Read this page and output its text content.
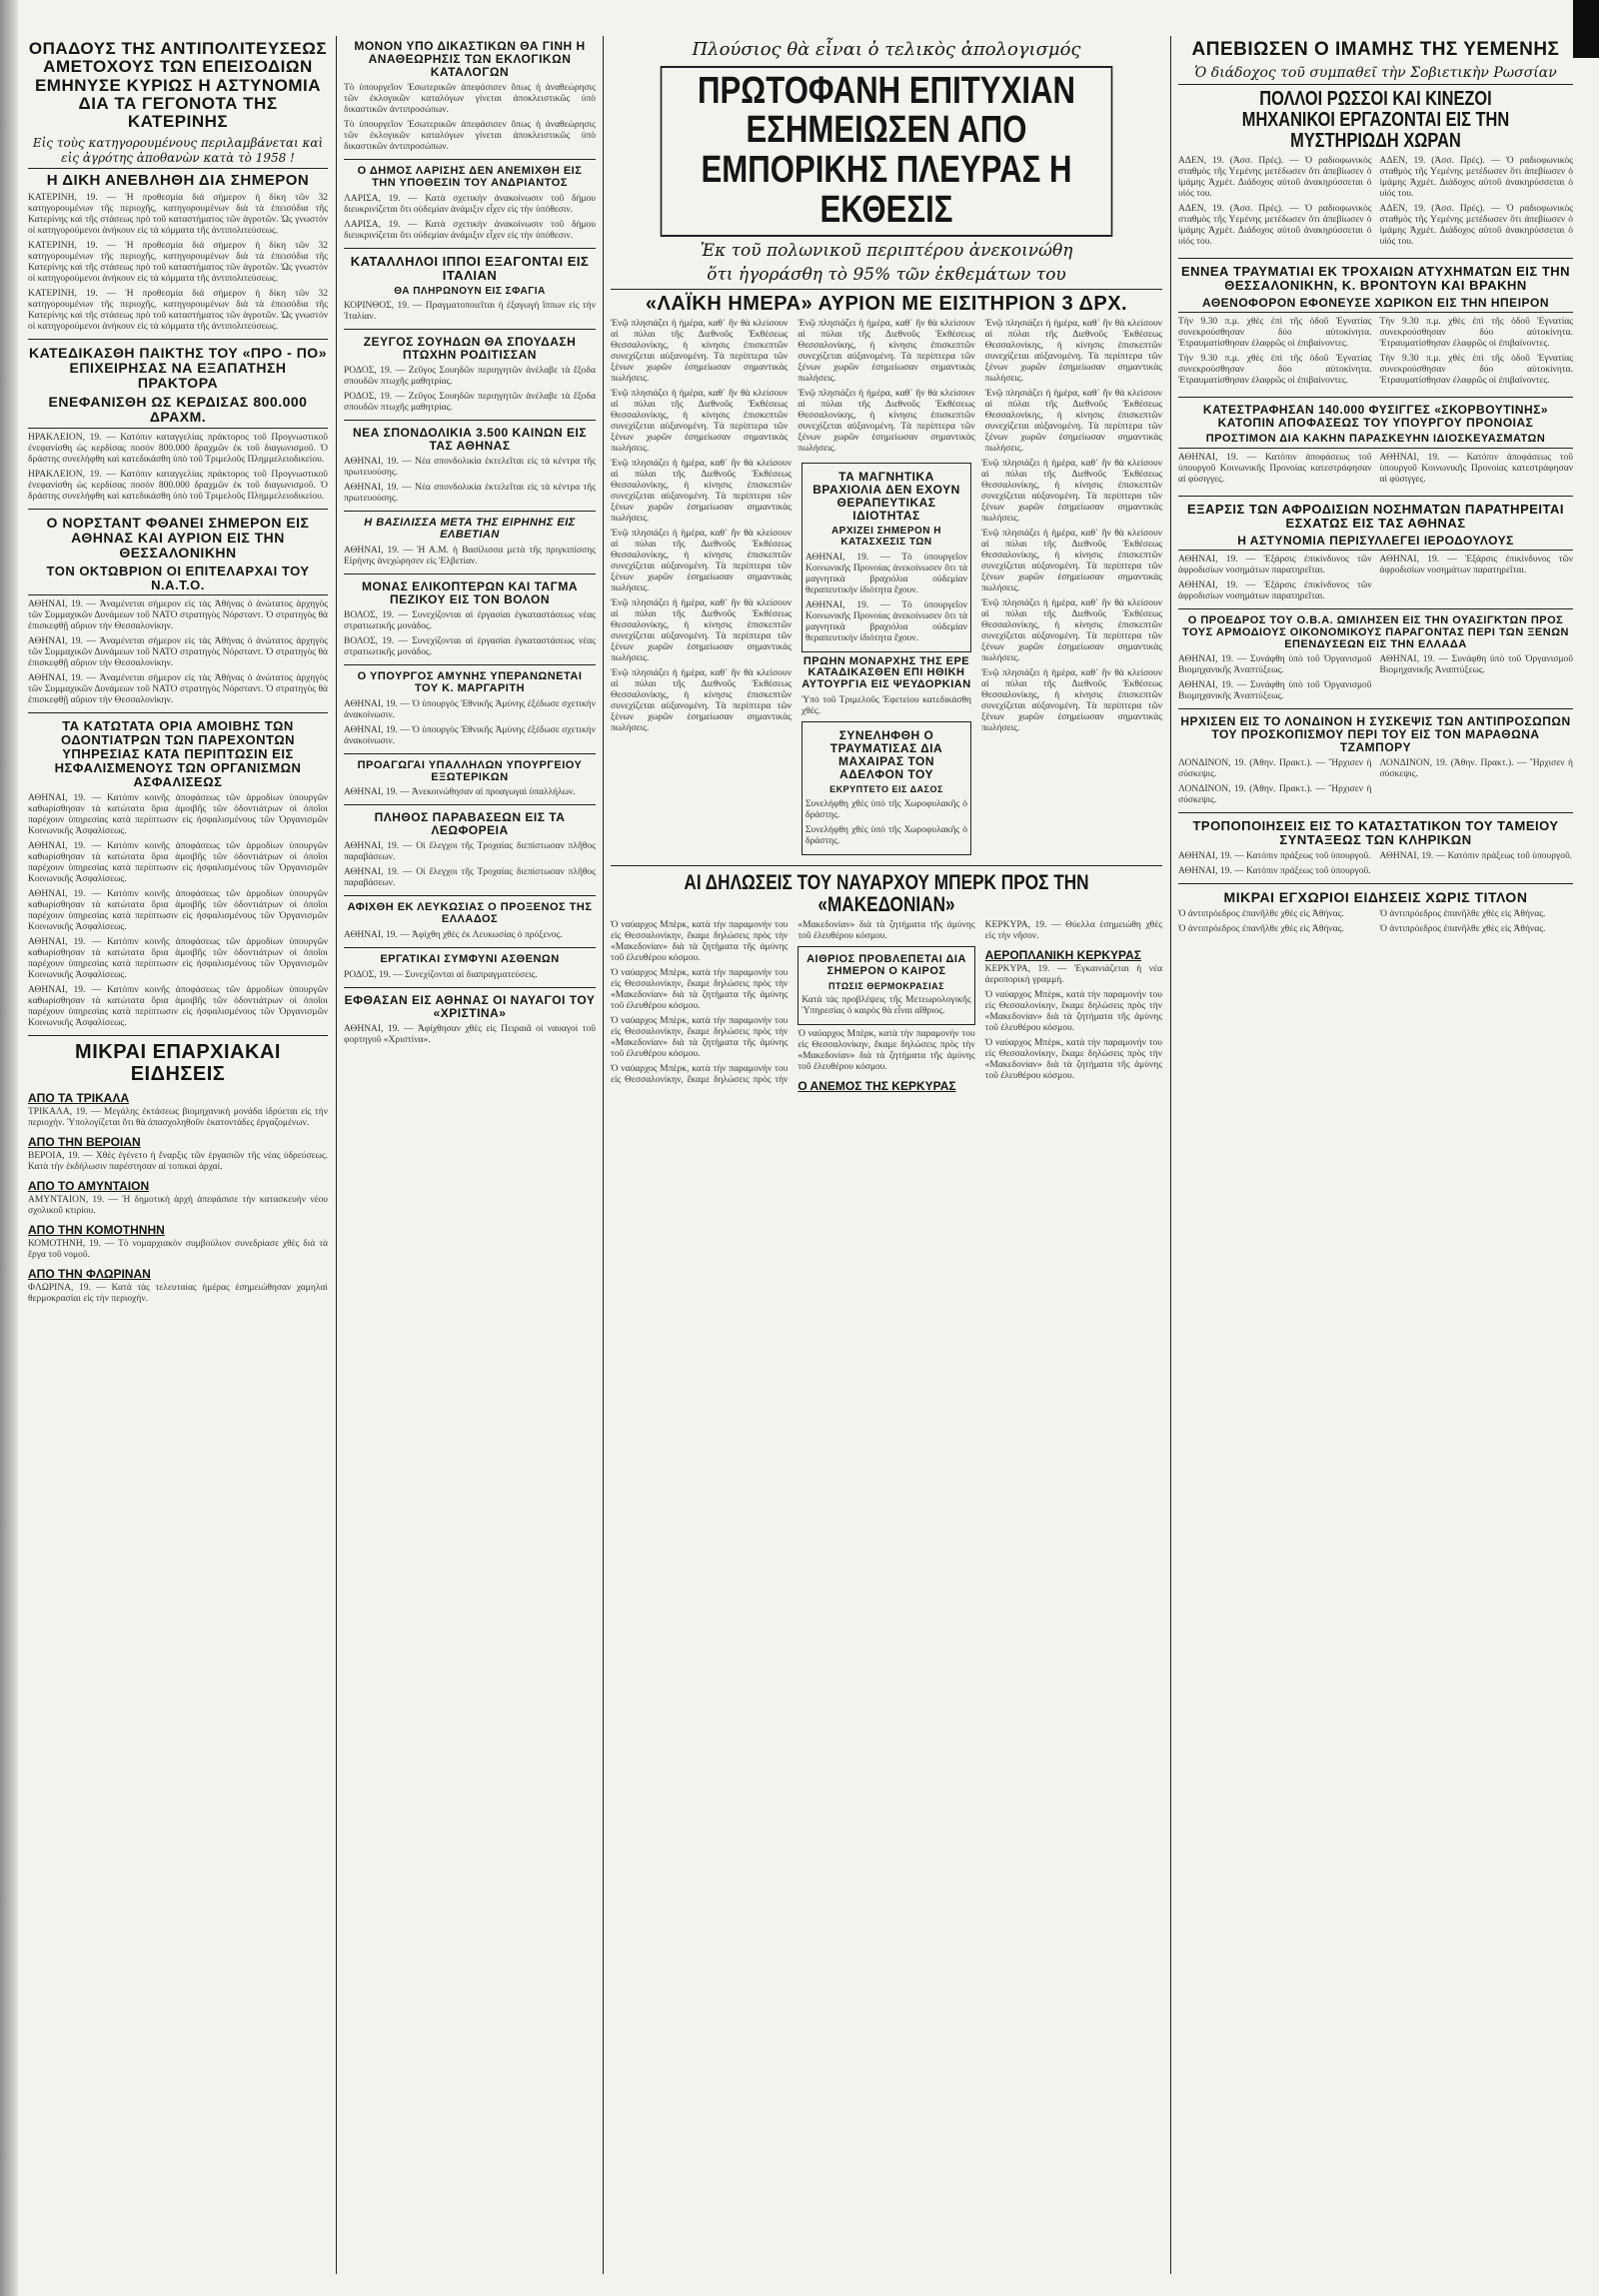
ΟΠΑΔΟΥΣ ΤΗΣ ΑΝΤΙΠΟΛΙΤΕΥΣΕΩΣ ΑΜΕΤΟΧΟΥΣ ΤΩΝ ΕΠΕΙΣΟΔΙΩΝ ΕΜΗΝΥΣΕ ΚΥΡΙΩΣ Η ΑΣΤΥΝΟΜΙΑ ΔΙΑ ΤΑ ΓΕΓΟΝΟΤΑ ΤΗΣ ΚΑΤΕΡΙΝΗΣ
Εἰς τοὺς κατηγορουμένους περιλαμβάνεται καὶ εἰς ἀγρότης ἀποθανὼν κατὰ τὸ 1958 !
Η ΔΙΚΗ ΑΝΕΒΛΗΘΗ ΔΙΑ ΣΗΜΕΡΟΝ

ΚΑΤΕΡΙΝΗ, 19. — Ἡ προθεσμία διά σήμερον ἡ δίκη τῶν 32 κατηγορουμένων τῆς περιοχῆς, κατηγορουμένων διὰ τὰ ἐπεισόδια τῆς Κατερίνης καὶ τῆς στάσεως πρὸ τοῦ καταστήματος τῶν ἀγροτῶν. Ὡς γνωστόν οἱ κατηγορούμενοι ἀνήκουν εἰς τὰ κόμματα τῆς ἀντιπολιτεύσεως.

ΚΑΤΕΡΙΝΗ, 19. — Ἡ προθεσμία διά σήμερον ἡ δίκη τῶν 32 κατηγορουμένων τῆς περιοχῆς, κατηγορουμένων διὰ τὰ ἐπεισόδια τῆς Κατερίνης καὶ τῆς στάσεως πρὸ τοῦ καταστήματος τῶν ἀγροτῶν. Ὡς γνωστόν οἱ κατηγορούμενοι ἀνήκουν εἰς τὰ κόμματα τῆς ἀντιπολιτεύσεως.

ΚΑΤΕΡΙΝΗ, 19. — Ἡ προθεσμία διά σήμερον ἡ δίκη τῶν 32 κατηγορουμένων τῆς περιοχῆς, κατηγορουμένων διὰ τὰ ἐπεισόδια τῆς Κατερίνης καὶ τῆς στάσεως πρὸ τοῦ καταστήματος τῶν ἀγροτῶν. Ὡς γνωστόν οἱ κατηγορούμενοι ἀνήκουν εἰς τὰ κόμματα τῆς ἀντιπολιτεύσεως.

ΚΑΤΕΔΙΚΑΣΘΗ ΠΑΙΚΤΗΣ ΤΟΥ «ΠΡΟ - ΠΟ» ΕΠΙΧΕΙΡΗΣΑΣ ΝΑ ΕΞΑΠΑΤΗΣΗ ΠΡΑΚΤΟΡΑ
ΕΝΕΦΑΝΙΣΘΗ ΩΣ ΚΕΡΔΙΣΑΣ 800.000 ΔΡΑΧΜ.

ΗΡΑΚΛΕΙΟΝ, 19. — Κατόπιν καταγγελίας πράκτορος τοῦ Προγνωστικοῦ ἐνεφανίσθη ὡς κερδίσας ποσόν 800.000 δραχμῶν ἐκ τοῦ διαγωνισμοῦ. Ὁ δράστης συνελήφθη καὶ κατεδικάσθη ὑπὸ τοῦ Τριμελοῦς Πλημμελειοδικείου.

ΗΡΑΚΛΕΙΟΝ, 19. — Κατόπιν καταγγελίας πράκτορος τοῦ Προγνωστικοῦ ἐνεφανίσθη ὡς κερδίσας ποσόν 800.000 δραχμῶν ἐκ τοῦ διαγωνισμοῦ. Ὁ δράστης συνελήφθη καὶ κατεδικάσθη ὑπὸ τοῦ Τριμελοῦς Πλημμελειοδικείου.

Ο ΝΟΡΣΤΑΝΤ ΦΘΑΝΕΙ ΣΗΜΕΡΟΝ ΕΙΣ ΑΘΗΝΑΣ ΚΑΙ ΑΥΡΙΟΝ ΕΙΣ ΤΗΝ ΘΕΣΣΑΛΟΝΙΚΗΝ
ΤΟΝ ΟΚΤΩΒΡΙΟΝ ΟΙ ΕΠΙΤΕΛΑΡΧΑΙ ΤΟΥ Ν.Α.Τ.Ο.

ΑΘΗΝΑΙ, 19. — Ἀναμένεται σήμερον εἰς τὰς Ἀθήνας ὁ ἀνώτατος ἀρχηγὸς τῶν Συμμαχικῶν Δυνάμεων τοῦ ΝΑΤΟ στρατηγὸς Νόρσταντ. Ὁ στρατηγὸς θὰ ἐπισκεφθῇ αὔριον τὴν Θεσσαλονίκην.

ΑΘΗΝΑΙ, 19. — Ἀναμένεται σήμερον εἰς τὰς Ἀθήνας ὁ ἀνώτατος ἀρχηγὸς τῶν Συμμαχικῶν Δυνάμεων τοῦ ΝΑΤΟ στρατηγὸς Νόρσταντ. Ὁ στρατηγὸς θὰ ἐπισκεφθῇ αὔριον τὴν Θεσσαλονίκην.

ΑΘΗΝΑΙ, 19. — Ἀναμένεται σήμερον εἰς τὰς Ἀθήνας ὁ ἀνώτατος ἀρχηγὸς τῶν Συμμαχικῶν Δυνάμεων τοῦ ΝΑΤΟ στρατηγὸς Νόρσταντ. Ὁ στρατηγὸς θὰ ἐπισκεφθῇ αὔριον τὴν Θεσσαλονίκην.

ΤΑ ΚΑΤΩΤΑΤΑ ΟΡΙΑ ΑΜΟΙΒΗΣ ΤΩΝ ΟΔΟΝΤΙΑΤΡΩΝ ΤΩΝ ΠΑΡΕΧΟΝΤΩΝ ΥΠΗΡΕΣΙΑΣ ΚΑΤΑ ΠΕΡΙΠΤΩΣΙΝ ΕΙΣ ΗΣΦΑΛΙΣΜΕΝΟΥΣ ΤΩΝ ΟΡΓΑΝΙΣΜΩΝ ΑΣΦΑΛΙΣΕΩΣ

ΑΘΗΝΑΙ, 19. — Κατόπιν κοινῆς ἀποφάσεως τῶν ἁρμοδίων ὑπουργῶν καθωρίσθησαν τὰ κατώτατα ὅρια ἀμοιβῆς τῶν ὀδοντιάτρων οἱ ὁποῖοι παρέχουν ὑπηρεσίας κατὰ περίπτωσιν εἰς ἠσφαλισμένους τῶν Ὀργανισμῶν Κοινωνικῆς Ἀσφαλίσεως.

ΑΘΗΝΑΙ, 19. — Κατόπιν κοινῆς ἀποφάσεως τῶν ἁρμοδίων ὑπουργῶν καθωρίσθησαν τὰ κατώτατα ὅρια ἀμοιβῆς τῶν ὀδοντιάτρων οἱ ὁποῖοι παρέχουν ὑπηρεσίας κατὰ περίπτωσιν εἰς ἠσφαλισμένους τῶν Ὀργανισμῶν Κοινωνικῆς Ἀσφαλίσεως.

ΑΘΗΝΑΙ, 19. — Κατόπιν κοινῆς ἀποφάσεως τῶν ἁρμοδίων ὑπουργῶν καθωρίσθησαν τὰ κατώτατα ὅρια ἀμοιβῆς τῶν ὀδοντιάτρων οἱ ὁποῖοι παρέχουν ὑπηρεσίας κατὰ περίπτωσιν εἰς ἠσφαλισμένους τῶν Ὀργανισμῶν Κοινωνικῆς Ἀσφαλίσεως.

ΑΘΗΝΑΙ, 19. — Κατόπιν κοινῆς ἀποφάσεως τῶν ἁρμοδίων ὑπουργῶν καθωρίσθησαν τὰ κατώτατα ὅρια ἀμοιβῆς τῶν ὀδοντιάτρων οἱ ὁποῖοι παρέχουν ὑπηρεσίας κατὰ περίπτωσιν εἰς ἠσφαλισμένους τῶν Ὀργανισμῶν Κοινωνικῆς Ἀσφαλίσεως.

ΑΘΗΝΑΙ, 19. — Κατόπιν κοινῆς ἀποφάσεως τῶν ἁρμοδίων ὑπουργῶν καθωρίσθησαν τὰ κατώτατα ὅρια ἀμοιβῆς τῶν ὀδοντιάτρων οἱ ὁποῖοι παρέχουν ὑπηρεσίας κατὰ περίπτωσιν εἰς ἠσφαλισμένους τῶν Ὀργανισμῶν Κοινωνικῆς Ἀσφαλίσεως.

ΜΙΚΡΑΙ ΕΠΑΡΧΙΑΚΑΙ ΕΙΔΗΣΕΙΣ
ΑΠΟ ΤΑ ΤΡΙΚΑΛΑ

ΤΡΙΚΑΛΑ, 19. — Μεγάλης ἐκτάσεως βιομηχανικὴ μονάδα ἱδρύεται εἰς τὴν περιοχήν. Ὑπολογίζεται ὅτι θὰ ἀπασχοληθοῦν ἑκατοντάδες ἐργαζομένων.

ΑΠΟ ΤΗΝ ΒΕΡΟΙΑΝ

ΒΕΡΟΙΑ, 19. — Χθὲς ἐγένετο ἡ ἔναρξις τῶν ἐργασιῶν τῆς νέας ὑδρεύσεως. Κατὰ τὴν ἐκδήλωσιν παρέστησαν αἱ τοπικαὶ ἀρχαί.

ΑΠΟ ΤΟ ΑΜΥΝΤΑΙΟΝ

ΑΜΥΝΤΑΙΟΝ, 19. — Ἡ δημοτικὴ ἀρχὴ ἀπεφάσισε τὴν κατασκευὴν νέου σχολικοῦ κτιρίου.

ΑΠΟ ΤΗΝ ΚΟΜΟΤΗΝΗΝ

ΚΟΜΟΤΗΝΗ, 19. — Τὸ νομαρχιακὸν συμβούλιον συνεδρίασε χθὲς διὰ τὰ ἔργα τοῦ νομοῦ.

ΑΠΟ ΤΗΝ ΦΛΩΡΙΝΑΝ

ΦΛΩΡΙΝΑ, 19. — Κατὰ τὰς τελευταίας ἡμέρας ἐσημειώθησαν χαμηλαὶ θερμοκρασίαι εἰς τὴν περιοχήν.

ΜΟΝΟΝ ΥΠΟ ΔΙΚΑΣΤΙΚΩΝ ΘΑ ΓΙΝΗ Η ΑΝΑΘΕΩΡΗΣΙΣ ΤΩΝ ΕΚΛΟΓΙΚΩΝ ΚΑΤΑΛΟΓΩΝ

Τὸ ὑπουργεῖον Ἐσωτερικῶν ἀπεφάσισεν ὅπως ἡ ἀναθεώρησις τῶν ἐκλογικῶν καταλόγων γίνεται ἀποκλειστικῶς ὑπὸ δικαστικῶν ἀντιπροσώπων.

Τὸ ὑπουργεῖον Ἐσωτερικῶν ἀπεφάσισεν ὅπως ἡ ἀναθεώρησις τῶν ἐκλογικῶν καταλόγων γίνεται ἀποκλειστικῶς ὑπὸ δικαστικῶν ἀντιπροσώπων.

Ο ΔΗΜΟΣ ΛΑΡΙΣΗΣ ΔΕΝ ΑΝΕΜΙΧΘΗ ΕΙΣ ΤΗΝ ΥΠΟΘΕΣΙΝ ΤΟΥ ΑΝΔΡΙΑΝΤΟΣ

ΛΑΡΙΣΑ, 19. — Κατὰ σχετικὴν ἀνακοίνωσιν τοῦ δήμου διευκρινίζεται ὅτι οὐδεμίαν ἀνάμιξιν εἶχεν εἰς τὴν ὑπόθεσιν.

ΛΑΡΙΣΑ, 19. — Κατὰ σχετικὴν ἀνακοίνωσιν τοῦ δήμου διευκρινίζεται ὅτι οὐδεμίαν ἀνάμιξιν εἶχεν εἰς τὴν ὑπόθεσιν.

ΚΑΤΑΛΛΗΛΟΙ ΙΠΠΟΙ ΕΞΑΓΟΝΤΑΙ ΕΙΣ ΙΤΑΛΙΑΝ
ΘΑ ΠΛΗΡΩΝΟΥΝ ΕΙΣ ΣΦΑΓΙΑ

ΚΟΡΙΝΘΟΣ, 19. — Πραγματοποιεῖται ἡ ἐξαγωγὴ ἵππων εἰς τὴν Ἰταλίαν.

ΖΕΥΓΟΣ ΣΟΥΗΔΩΝ ΘΑ ΣΠΟΥΔΑΣΗ ΠΤΩΧΗΝ ΡΟΔΙΤΙΣΣΑΝ

ΡΟΔΟΣ, 19. — Ζεῦγος Σουηδῶν περιηγητῶν ἀνέλαβε τὰ ἔξοδα σπουδῶν πτωχῆς μαθητρίας.

ΡΟΔΟΣ, 19. — Ζεῦγος Σουηδῶν περιηγητῶν ἀνέλαβε τὰ ἔξοδα σπουδῶν πτωχῆς μαθητρίας.

ΝΕΑ ΣΠΟΝΔΟΛΙΚΙΑ 3.500 ΚΑΙΝΩΝ ΕΙΣ ΤΑΣ ΑΘΗΝΑΣ

ΑΘΗΝΑΙ, 19. — Νέα σπονδολικία ἐκτελεῖται εἰς τὰ κέντρα τῆς πρωτευούσης.

ΑΘΗΝΑΙ, 19. — Νέα σπονδολικία ἐκτελεῖται εἰς τὰ κέντρα τῆς πρωτευούσης.

Η ΒΑΣΙΛΙΣΣΑ ΜΕΤΑ ΤΗΣ ΕΙΡΗΝΗΣ ΕΙΣ ΕΛΒΕΤΙΑΝ

ΑΘΗΝΑΙ, 19. — Ἡ Α.Μ. ἡ Βασίλισσα μετὰ τῆς πριγκιπίσσης Εἰρήνης ἀνεχώρησεν εἰς Ἑλβετίαν.

ΜΟΝΑΣ ΕΛΙΚΟΠΤΕΡΩΝ ΚΑΙ ΤΑΓΜΑ ΠΕΖΙΚΟΥ ΕΙΣ ΤΟΝ ΒΟΛΟΝ

ΒΟΛΟΣ, 19. — Συνεχίζονται αἱ ἐργασίαι ἐγκαταστάσεως νέας στρατιωτικῆς μονάδος.

ΒΟΛΟΣ, 19. — Συνεχίζονται αἱ ἐργασίαι ἐγκαταστάσεως νέας στρατιωτικῆς μονάδος.

Ο ΥΠΟΥΡΓΟΣ ΑΜΥΝΗΣ ΥΠΕΡΑΝΩΝΕΤΑΙ ΤΟΥ Κ. ΜΑΡΓΑΡΙΤΗ

ΑΘΗΝΑΙ, 19. — Ὁ ὑπουργὸς Ἐθνικῆς Ἀμύνης ἐξέδωσε σχετικὴν ἀνακοίνωσιν.

ΑΘΗΝΑΙ, 19. — Ὁ ὑπουργὸς Ἐθνικῆς Ἀμύνης ἐξέδωσε σχετικὴν ἀνακοίνωσιν.

ΠΡΟΑΓΩΓΑΙ ΥΠΑΛΛΗΛΩΝ ΥΠΟΥΡΓΕΙΟΥ ΕΞΩΤΕΡΙΚΩΝ

ΑΘΗΝΑΙ, 19. — Ἀνεκοινώθησαν αἱ προαγωγαὶ ὑπαλλήλων.

ΠΛΗΘΟΣ ΠΑΡΑΒΑΣΕΩΝ ΕΙΣ ΤΑ ΛΕΩΦΟΡΕΙΑ

ΑΘΗΝΑΙ, 19. — Οἱ ἔλεγχοι τῆς Τροχαίας διεπίστωσαν πλῆθος παραβάσεων.

ΑΘΗΝΑΙ, 19. — Οἱ ἔλεγχοι τῆς Τροχαίας διεπίστωσαν πλῆθος παραβάσεων.

ΑΦΙΧΘΗ ΕΚ ΛΕΥΚΩΣΙΑΣ Ο ΠΡΟΞΕΝΟΣ ΤΗΣ ΕΛΛΑΔΟΣ

ΑΘΗΝΑΙ, 19. — Ἀφίχθη χθὲς ἐκ Λευκωσίας ὁ πρόξενος.

ΕΡΓΑΤΙΚΑΙ ΣΥΜΦΥΝΙ ΑΣΘΕΝΩΝ

ΡΟΔΟΣ, 19. — Συνεχίζονται αἱ διαπραγματεύσεις.

ΕΦΘΑΣΑΝ ΕΙΣ ΑΘΗΝΑΣ ΟΙ ΝΑΥΑΓΟΙ ΤΟΥ «ΧΡΙΣΤΙΝΑ»

ΑΘΗΝΑΙ, 19. — Ἀφίχθησαν χθὲς εἰς Πειραιᾶ οἱ ναυαγοὶ τοῦ φορτηγοῦ «Χριστίνα».

Πλούσιος θὰ εἶναι ὁ τελικὸς ἀπολογισμός
ΠΡΩΤΟΦΑΝΗ ΕΠΙΤΥΧΙΑΝ ΕΣΗΜΕΙΩΣΕΝ ΑΠΟ ΕΜΠΟΡΙΚΗΣ ΠΛΕΥΡΑΣ Η ΕΚΘΕΣΙΣ
Ἐκ τοῦ πολωνικοῦ περιπτέρου ἀνεκοινώθη
ὅτι ἠγοράσθη τὸ 95% τῶν ἐκθεμάτων του
«ΛΑΪΚΗ ΗΜΕΡΑ» ΑΥΡΙΟΝ ΜΕ ΕΙΣΙΤΗΡΙΟΝ 3 ΔΡΧ.

Ἐνῷ πλησιάζει ἡ ἡμέρα, καθ᾽ ἣν θὰ κλείσουν αἱ πύλαι τῆς Διεθνοῦς Ἐκθέσεως Θεσσαλονίκης, ἡ κίνησις ἐπισκεπτῶν συνεχίζεται αὐξανομένη. Τὰ περίπτερα τῶν ξένων χωρῶν ἐσημείωσαν σημαντικὰς πωλήσεις.

Ἐνῷ πλησιάζει ἡ ἡμέρα, καθ᾽ ἣν θὰ κλείσουν αἱ πύλαι τῆς Διεθνοῦς Ἐκθέσεως Θεσσαλονίκης, ἡ κίνησις ἐπισκεπτῶν συνεχίζεται αὐξανομένη. Τὰ περίπτερα τῶν ξένων χωρῶν ἐσημείωσαν σημαντικὰς πωλήσεις.

Ἐνῷ πλησιάζει ἡ ἡμέρα, καθ᾽ ἣν θὰ κλείσουν αἱ πύλαι τῆς Διεθνοῦς Ἐκθέσεως Θεσσαλονίκης, ἡ κίνησις ἐπισκεπτῶν συνεχίζεται αὐξανομένη. Τὰ περίπτερα τῶν ξένων χωρῶν ἐσημείωσαν σημαντικὰς πωλήσεις.

Ἐνῷ πλησιάζει ἡ ἡμέρα, καθ᾽ ἣν θὰ κλείσουν αἱ πύλαι τῆς Διεθνοῦς Ἐκθέσεως Θεσσαλονίκης, ἡ κίνησις ἐπισκεπτῶν συνεχίζεται αὐξανομένη. Τὰ περίπτερα τῶν ξένων χωρῶν ἐσημείωσαν σημαντικὰς πωλήσεις.

Ἐνῷ πλησιάζει ἡ ἡμέρα, καθ᾽ ἣν θὰ κλείσουν αἱ πύλαι τῆς Διεθνοῦς Ἐκθέσεως Θεσσαλονίκης, ἡ κίνησις ἐπισκεπτῶν συνεχίζεται αὐξανομένη. Τὰ περίπτερα τῶν ξένων χωρῶν ἐσημείωσαν σημαντικὰς πωλήσεις.

Ἐνῷ πλησιάζει ἡ ἡμέρα, καθ᾽ ἣν θὰ κλείσουν αἱ πύλαι τῆς Διεθνοῦς Ἐκθέσεως Θεσσαλονίκης, ἡ κίνησις ἐπισκεπτῶν συνεχίζεται αὐξανομένη. Τὰ περίπτερα τῶν ξένων χωρῶν ἐσημείωσαν σημαντικὰς πωλήσεις.

Ἐνῷ πλησιάζει ἡ ἡμέρα, καθ᾽ ἣν θὰ κλείσουν αἱ πύλαι τῆς Διεθνοῦς Ἐκθέσεως Θεσσαλονίκης, ἡ κίνησις ἐπισκεπτῶν συνεχίζεται αὐξανομένη. Τὰ περίπτερα τῶν ξένων χωρῶν ἐσημείωσαν σημαντικὰς πωλήσεις.

Ἐνῷ πλησιάζει ἡ ἡμέρα, καθ᾽ ἣν θὰ κλείσουν αἱ πύλαι τῆς Διεθνοῦς Ἐκθέσεως Θεσσαλονίκης, ἡ κίνησις ἐπισκεπτῶν συνεχίζεται αὐξανομένη. Τὰ περίπτερα τῶν ξένων χωρῶν ἐσημείωσαν σημαντικὰς πωλήσεις.

Ἐνῷ πλησιάζει ἡ ἡμέρα, καθ᾽ ἣν θὰ κλείσουν αἱ πύλαι τῆς Διεθνοῦς Ἐκθέσεως Θεσσαλονίκης, ἡ κίνησις ἐπισκεπτῶν συνεχίζεται αὐξανομένη. Τὰ περίπτερα τῶν ξένων χωρῶν ἐσημείωσαν σημαντικὰς πωλήσεις.

Ἐνῷ πλησιάζει ἡ ἡμέρα, καθ᾽ ἣν θὰ κλείσουν αἱ πύλαι τῆς Διεθνοῦς Ἐκθέσεως Θεσσαλονίκης, ἡ κίνησις ἐπισκεπτῶν συνεχίζεται αὐξανομένη. Τὰ περίπτερα τῶν ξένων χωρῶν ἐσημείωσαν σημαντικὰς πωλήσεις.

ΤΑ ΜΑΓΝΗΤΙΚΑ ΒΡΑΧΙΟΛΙΑ ΔΕΝ ΕΧΟΥΝ ΘΕΡΑΠΕΥΤΙΚΑΣ ΙΔΙΟΤΗΤΑΣ
ΑΡΧΙΖΕΙ ΣΗΜΕΡΟΝ Η ΚΑΤΑΣΧΕΣΙΣ ΤΩΝ

ΑΘΗΝΑΙ, 19. — Τὸ ὑπουργεῖον Κοινωνικῆς Προνοίας ἀνεκοίνωσεν ὅτι τὰ μαγνητικὰ βραχιόλια οὐδεμίαν θεραπευτικὴν ἰδιότητα ἔχουν.

ΑΘΗΝΑΙ, 19. — Τὸ ὑπουργεῖον Κοινωνικῆς Προνοίας ἀνεκοίνωσεν ὅτι τὰ μαγνητικὰ βραχιόλια οὐδεμίαν θεραπευτικὴν ἰδιότητα ἔχουν.

ΠΡΩΗΝ ΜΟΝΑΡΧΗΣ ΤΗΣ ΕΡΕ ΚΑΤΑΔΙΚΑΣΘΕΝ ΕΠΙ ΗΘΙΚΗ ΑΥΤΟΥΡΓΙΑ ΕΙΣ ΨΕΥΔΟΡΚΙΑΝ

Ὑπὸ τοῦ Τριμελοῦς Ἐφετείου κατεδικάσθη χθές.

ΣΥΝΕΛΗΦΘΗ Ο ΤΡΑΥΜΑΤΙΣΑΣ ΔΙΑ ΜΑΧΑΙΡΑΣ ΤΟΝ ΑΔΕΛΦΟΝ ΤΟΥ
ΕΚΡΥΠΤΕΤΟ ΕΙΣ ΔΑΣΟΣ

Συνελήφθη χθὲς ὑπὸ τῆς Χωροφυλακῆς ὁ δράστης.

Συνελήφθη χθὲς ὑπὸ τῆς Χωροφυλακῆς ὁ δράστης.

Ἐνῷ πλησιάζει ἡ ἡμέρα, καθ᾽ ἣν θὰ κλείσουν αἱ πύλαι τῆς Διεθνοῦς Ἐκθέσεως Θεσσαλονίκης, ἡ κίνησις ἐπισκεπτῶν συνεχίζεται αὐξανομένη. Τὰ περίπτερα τῶν ξένων χωρῶν ἐσημείωσαν σημαντικὰς πωλήσεις.

Ἐνῷ πλησιάζει ἡ ἡμέρα, καθ᾽ ἣν θὰ κλείσουν αἱ πύλαι τῆς Διεθνοῦς Ἐκθέσεως Θεσσαλονίκης, ἡ κίνησις ἐπισκεπτῶν συνεχίζεται αὐξανομένη. Τὰ περίπτερα τῶν ξένων χωρῶν ἐσημείωσαν σημαντικὰς πωλήσεις.

Ἐνῷ πλησιάζει ἡ ἡμέρα, καθ᾽ ἣν θὰ κλείσουν αἱ πύλαι τῆς Διεθνοῦς Ἐκθέσεως Θεσσαλονίκης, ἡ κίνησις ἐπισκεπτῶν συνεχίζεται αὐξανομένη. Τὰ περίπτερα τῶν ξένων χωρῶν ἐσημείωσαν σημαντικὰς πωλήσεις.

Ἐνῷ πλησιάζει ἡ ἡμέρα, καθ᾽ ἣν θὰ κλείσουν αἱ πύλαι τῆς Διεθνοῦς Ἐκθέσεως Θεσσαλονίκης, ἡ κίνησις ἐπισκεπτῶν συνεχίζεται αὐξανομένη. Τὰ περίπτερα τῶν ξένων χωρῶν ἐσημείωσαν σημαντικὰς πωλήσεις.

ΑΙ ΔΗΛΩΣΕΙΣ ΤΟΥ ΝΑΥΑΡΧΟΥ ΜΠΕΡΚ ΠΡΟΣ ΤΗΝ «ΜΑΚΕΔΟΝΙΑΝ»

Ὁ ναύαρχος Μπὲρκ, κατὰ τὴν παραμονήν του εἰς Θεσσαλονίκην, ἔκαμε δηλώσεις πρὸς τὴν «Μακεδονίαν» διὰ τὰ ζητήματα τῆς ἀμύνης τοῦ ἐλευθέρου κόσμου.

Ὁ ναύαρχος Μπὲρκ, κατὰ τὴν παραμονήν του εἰς Θεσσαλονίκην, ἔκαμε δηλώσεις πρὸς τὴν «Μακεδονίαν» διὰ τὰ ζητήματα τῆς ἀμύνης τοῦ ἐλευθέρου κόσμου.

Ὁ ναύαρχος Μπὲρκ, κατὰ τὴν παραμονήν του εἰς Θεσσαλονίκην, ἔκαμε δηλώσεις πρὸς τὴν «Μακεδονίαν» διὰ τὰ ζητήματα τῆς ἀμύνης τοῦ ἐλευθέρου κόσμου.

Ὁ ναύαρχος Μπὲρκ, κατὰ τὴν παραμονήν του εἰς Θεσσαλονίκην, ἔκαμε δηλώσεις πρὸς τὴν «Μακεδονίαν» διὰ τὰ ζητήματα τῆς ἀμύνης τοῦ ἐλευθέρου κόσμου.

ΑΙΘΡΙΟΣ ΠΡΟΒΛΕΠΕΤΑΙ ΔΙΑ ΣΗΜΕΡΟΝ Ο ΚΑΙΡΟΣ
ΠΤΩΣΙΣ ΘΕΡΜΟΚΡΑΣΙΑΣ

Κατὰ τὰς προβλέψεις τῆς Μετεωρολογικῆς Ὑπηρεσίας ὁ καιρὸς θὰ εἶναι αἴθριος.

Ὁ ναύαρχος Μπὲρκ, κατὰ τὴν παραμονήν του εἰς Θεσσαλονίκην, ἔκαμε δηλώσεις πρὸς τὴν «Μακεδονίαν» διὰ τὰ ζητήματα τῆς ἀμύνης τοῦ ἐλευθέρου κόσμου.

Ο ΑΝΕΜΟΣ ΤΗΣ ΚΕΡΚΥΡΑΣ

ΚΕΡΚΥΡΑ, 19. — Θύελλα ἐσημειώθη χθὲς εἰς τὴν νῆσον.

ΑΕΡΟΠΛΑΝΙΚΗ ΚΕΡΚΥΡΑΣ

ΚΕΡΚΥΡΑ, 19. — Ἐγκαινιάζεται ἡ νέα ἀεροπορικὴ γραμμή.

Ὁ ναύαρχος Μπὲρκ, κατὰ τὴν παραμονήν του εἰς Θεσσαλονίκην, ἔκαμε δηλώσεις πρὸς τὴν «Μακεδονίαν» διὰ τὰ ζητήματα τῆς ἀμύνης τοῦ ἐλευθέρου κόσμου.

Ὁ ναύαρχος Μπὲρκ, κατὰ τὴν παραμονήν του εἰς Θεσσαλονίκην, ἔκαμε δηλώσεις πρὸς τὴν «Μακεδονίαν» διὰ τὰ ζητήματα τῆς ἀμύνης τοῦ ἐλευθέρου κόσμου.

ΑΠΕΒΙΩΣΕΝ Ο ΙΜΑΜΗΣ ΤΗΣ ΥΕΜΕΝΗΣ
Ὁ διάδοχος τοῦ συμπαθεῖ τὴν Σοβιετικὴν Ρωσσίαν
ΠΟΛΛΟΙ ΡΩΣΣΟΙ ΚΑΙ ΚΙΝΕΖΟΙ ΜΗΧΑΝΙΚΟΙ ΕΡΓΑΖΟΝΤΑΙ ΕΙΣ ΤΗΝ ΜΥΣΤΗΡΙΩΔΗ ΧΩΡΑΝ

ΑΔΕΝ, 19. (Ἀσσ. Πρές). — Ὁ ραδιοφωνικὸς σταθμὸς τῆς Υεμένης μετέδωσεν ὅτι ἀπεβίωσεν ὁ ἰμάμης Ἀχμέτ. Διάδοχος αὐτοῦ ἀνακηρύσσεται ὁ υἱός του.

ΑΔΕΝ, 19. (Ἀσσ. Πρές). — Ὁ ραδιοφωνικὸς σταθμὸς τῆς Υεμένης μετέδωσεν ὅτι ἀπεβίωσεν ὁ ἰμάμης Ἀχμέτ. Διάδοχος αὐτοῦ ἀνακηρύσσεται ὁ υἱός του.

ΑΔΕΝ, 19. (Ἀσσ. Πρές). — Ὁ ραδιοφωνικὸς σταθμὸς τῆς Υεμένης μετέδωσεν ὅτι ἀπεβίωσεν ὁ ἰμάμης Ἀχμέτ. Διάδοχος αὐτοῦ ἀνακηρύσσεται ὁ υἱός του.

ΑΔΕΝ, 19. (Ἀσσ. Πρές). — Ὁ ραδιοφωνικὸς σταθμὸς τῆς Υεμένης μετέδωσεν ὅτι ἀπεβίωσεν ὁ ἰμάμης Ἀχμέτ. Διάδοχος αὐτοῦ ἀνακηρύσσεται ὁ υἱός του.

ΕΝΝΕΑ ΤΡΑΥΜΑΤΙΑΙ ΕΚ ΤΡΟΧΑΙΩΝ ΑΤΥΧΗΜΑΤΩΝ ΕΙΣ ΤΗΝ ΘΕΣΣΑΛΟΝΙΚΗΝ, Κ. ΒΡΟΝΤΟΥΝ ΚΑΙ ΒΡΑΚΗΝ
ΑΘΕΝΟΦΟΡΟΝ ΕΦΟΝΕΥΣΕ ΧΩΡΙΚΟΝ ΕΙΣ ΤΗΝ ΗΠΕΙΡΟΝ

Τὴν 9.30 π.μ. χθὲς ἐπὶ τῆς ὁδοῦ Ἐγνατίας συνεκρούσθησαν δύο αὐτοκίνητα. Ἐτραυματίσθησαν ἐλαφρῶς οἱ ἐπιβαίνοντες.

Τὴν 9.30 π.μ. χθὲς ἐπὶ τῆς ὁδοῦ Ἐγνατίας συνεκρούσθησαν δύο αὐτοκίνητα. Ἐτραυματίσθησαν ἐλαφρῶς οἱ ἐπιβαίνοντες.

Τὴν 9.30 π.μ. χθὲς ἐπὶ τῆς ὁδοῦ Ἐγνατίας συνεκρούσθησαν δύο αὐτοκίνητα. Ἐτραυματίσθησαν ἐλαφρῶς οἱ ἐπιβαίνοντες.

Τὴν 9.30 π.μ. χθὲς ἐπὶ τῆς ὁδοῦ Ἐγνατίας συνεκρούσθησαν δύο αὐτοκίνητα. Ἐτραυματίσθησαν ἐλαφρῶς οἱ ἐπιβαίνοντες.

ΚΑΤΕΣΤΡΑΦΗΣΑΝ 140.000 ΦΥΣΙΓΓΕΣ «ΣΚΟΡΒΟΥΤΙΝΗΣ» ΚΑΤΟΠΙΝ ΑΠΟΦΑΣΕΩΣ ΤΟΥ ΥΠΟΥΡΓΟΥ ΠΡΟΝΟΙΑΣ
ΠΡΟΣΤΙΜΟΝ ΔΙΑ ΚΑΚΗΝ ΠΑΡΑΣΚΕΥΗΝ ΙΔΙΟΣΚΕΥΑΣΜΑΤΩΝ

ΑΘΗΝΑΙ, 19. — Κατόπιν ἀποφάσεως τοῦ ὑπουργοῦ Κοινωνικῆς Προνοίας κατεστράφησαν αἱ φύσιγγες.

ΑΘΗΝΑΙ, 19. — Κατόπιν ἀποφάσεως τοῦ ὑπουργοῦ Κοινωνικῆς Προνοίας κατεστράφησαν αἱ φύσιγγες.

ΕΞΑΡΣΙΣ ΤΩΝ ΑΦΡΟΔΙΣΙΩΝ ΝΟΣΗΜΑΤΩΝ ΠΑΡΑΤΗΡΕΙΤΑΙ ΕΣΧΑΤΩΣ ΕΙΣ ΤΑΣ ΑΘΗΝΑΣ
Η ΑΣΤΥΝΟΜΙΑ ΠΕΡΙΣΥΛΛΕΓΕΙ ΙΕΡΟΔΟΥΛΟΥΣ

ΑΘΗΝΑΙ, 19. — Ἐξάρσις ἐπικίνδυνος τῶν ἀφροδισίων νοσημάτων παρατηρεῖται.

ΑΘΗΝΑΙ, 19. — Ἐξάρσις ἐπικίνδυνος τῶν ἀφροδισίων νοσημάτων παρατηρεῖται.

ΑΘΗΝΑΙ, 19. — Ἐξάρσις ἐπικίνδυνος τῶν ἀφροδισίων νοσημάτων παρατηρεῖται.

Ο ΠΡΟΕΔΡΟΣ ΤΟΥ Ο.Β.Α. ΩΜΙΛΗΣΕΝ ΕΙΣ ΤΗΝ ΟΥΑΣΙΓΚΤΩΝ ΠΡΟΣ ΤΟΥΣ ΑΡΜΟΔΙΟΥΣ ΟΙΚΟΝΟΜΙΚΟΥΣ ΠΑΡΑΓΟΝΤΑΣ ΠΕΡΙ ΤΩΝ ΞΕΝΩΝ ΕΠΕΝΔΥΣΕΩΝ ΕΙΣ ΤΗΝ ΕΛΛΑΔΑ

ΑΘΗΝΑΙ, 19. — Συνάφθη ὑπὸ τοῦ Ὀργανισμοῦ Βιομηχανικῆς Ἀναπτύξεως.

ΑΘΗΝΑΙ, 19. — Συνάφθη ὑπὸ τοῦ Ὀργανισμοῦ Βιομηχανικῆς Ἀναπτύξεως.

ΑΘΗΝΑΙ, 19. — Συνάφθη ὑπὸ τοῦ Ὀργανισμοῦ Βιομηχανικῆς Ἀναπτύξεως.

ΗΡΧΙΣΕΝ ΕΙΣ ΤΟ ΛΟΝΔΙΝΟΝ Η ΣΥΣΚΕΨΙΣ ΤΩΝ ΑΝΤΙΠΡΟΣΩΠΩΝ ΤΟΥ ΠΡΟΣΚΟΠΙΣΜΟΥ ΠΕΡΙ ΤΟΥ ΕΙΣ ΤΟΝ ΜΑΡΑΘΩΝΑ ΤΖΑΜΠΟΡΥ

ΛΟΝΔΙΝΟΝ, 19. (Ἀθην. Πρακτ.). — Ἤρχισεν ἡ σύσκεψις.

ΛΟΝΔΙΝΟΝ, 19. (Ἀθην. Πρακτ.). — Ἤρχισεν ἡ σύσκεψις.

ΛΟΝΔΙΝΟΝ, 19. (Ἀθην. Πρακτ.). — Ἤρχισεν ἡ σύσκεψις.

ΤΡΟΠΟΠΟΙΗΣΕΙΣ ΕΙΣ ΤΟ ΚΑΤΑΣΤΑΤΙΚΟΝ ΤΟΥ ΤΑΜΕΙΟΥ ΣΥΝΤΑΞΕΩΣ ΤΩΝ ΚΛΗΡΙΚΩΝ

ΑΘΗΝΑΙ, 19. — Κατόπιν πράξεως τοῦ ὑπουργοῦ.

ΑΘΗΝΑΙ, 19. — Κατόπιν πράξεως τοῦ ὑπουργοῦ.

ΑΘΗΝΑΙ, 19. — Κατόπιν πράξεως τοῦ ὑπουργοῦ.

ΜΙΚΡΑΙ ΕΓΧΩΡΙΟΙ ΕΙΔΗΣΕΙΣ ΧΩΡΙΣ ΤΙΤΛΟΝ

Ὁ ἀντιπρόεδρος ἐπανῆλθε χθὲς εἰς Ἀθήνας.

Ὁ ἀντιπρόεδρος ἐπανῆλθε χθὲς εἰς Ἀθήνας.

Ὁ ἀντιπρόεδρος ἐπανῆλθε χθὲς εἰς Ἀθήνας.

Ὁ ἀντιπρόεδρος ἐπανῆλθε χθὲς εἰς Ἀθήνας.
